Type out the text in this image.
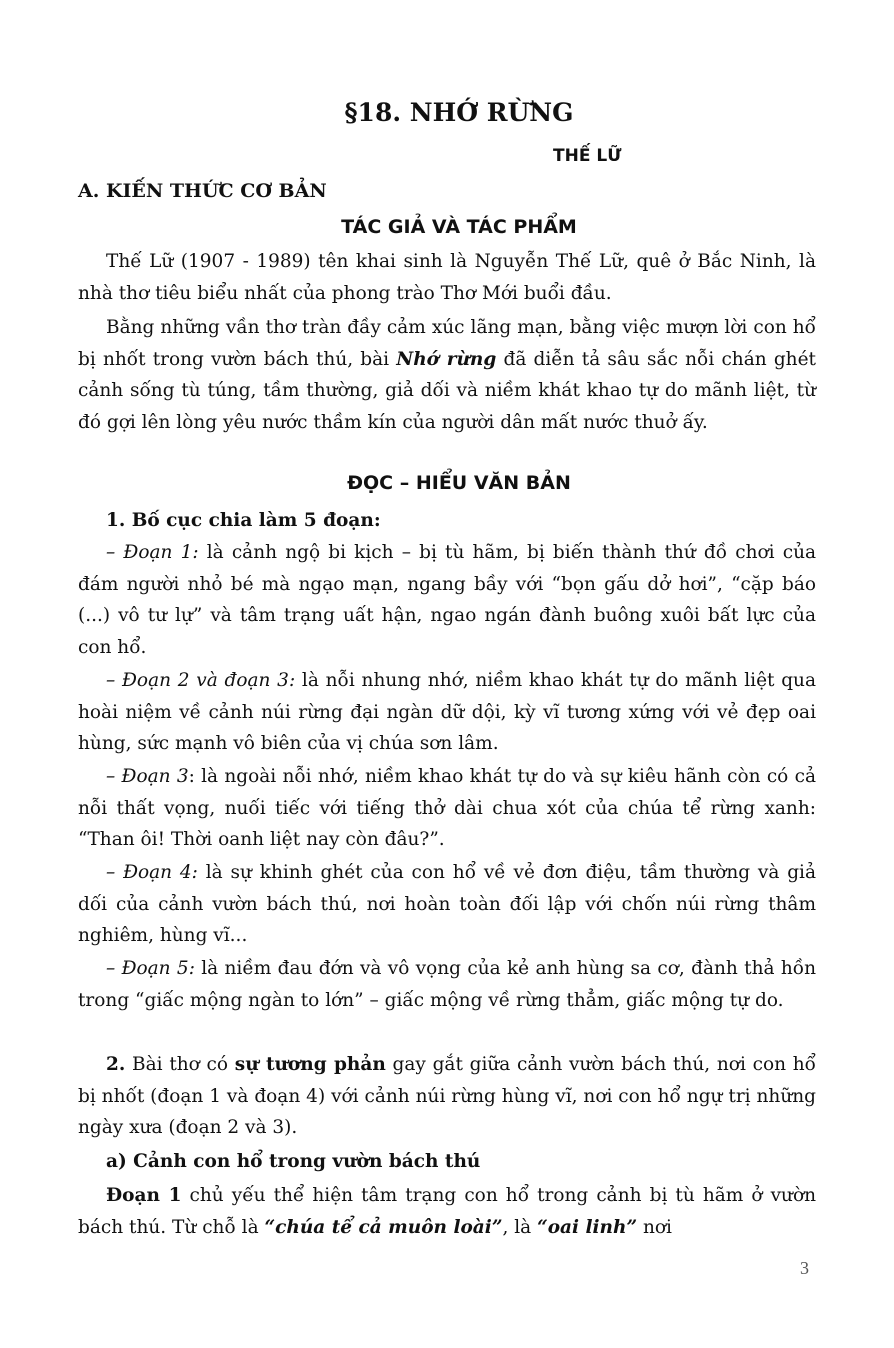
§18. NHỚ RỪNG
THẾ LỮ
A. KIẾN THỨC CƠ BẢN
TÁC GIẢ VÀ TÁC PHẨM

Thế Lữ (1907 - 1989) tên khai sinh là Nguyễn Thế Lữ, quê ở Bắc Ninh, là nhà thơ tiêu biểu nhất của phong trào Thơ Mới buổi đầu.

Bằng những vần thơ tràn đầy cảm xúc lãng mạn, bằng việc mượn lời con hổ bị nhốt trong vườn bách thú, bài Nhớ rừng đã diễn tả sâu sắc nỗi chán ghét cảnh sống tù túng, tầm thường, giả dối và niềm khát khao tự do mãnh liệt, từ đó gợi lên lòng yêu nước thầm kín của người dân mất nước thuở ấy.

ĐỌC – HIỂU VĂN BẢN

1. Bố cục chia làm 5 đoạn:

– Đoạn 1: là cảnh ngộ bi kịch – bị tù hãm, bị biến thành thứ đồ chơi của đám người nhỏ bé mà ngạo mạn, ngang bầy với “bọn gấu dở hơi”, “cặp báo (...) vô tư lự” và tâm trạng uất hận, ngao ngán đành buông xuôi bất lực của con hổ.

– Đoạn 2 và đoạn 3: là nỗi nhung nhớ, niềm khao khát tự do mãnh liệt qua hoài niệm về cảnh núi rừng đại ngàn dữ dội, kỳ vĩ tương xứng với vẻ đẹp oai hùng, sức mạnh vô biên của vị chúa sơn lâm.

– Đoạn 3: là ngoài nỗi nhớ, niềm khao khát tự do và sự kiêu hãnh còn có cả nỗi thất vọng, nuối tiếc với tiếng thở dài chua xót của chúa tể rừng xanh: “Than ôi! Thời oanh liệt nay còn đâu?”.

– Đoạn 4: là sự khinh ghét của con hổ về vẻ đơn điệu, tầm thường và giả dối của cảnh vườn bách thú, nơi hoàn toàn đối lập với chốn núi rừng thâm nghiêm, hùng vĩ...

– Đoạn 5: là niềm đau đớn và vô vọng của kẻ anh hùng sa cơ, đành thả hồn trong “giấc mộng ngàn to lớn” – giấc mộng về rừng thẳm, giấc mộng tự do.

2. Bài thơ có sự tương phản gay gắt giữa cảnh vườn bách thú, nơi con hổ bị nhốt (đoạn 1 và đoạn 4) với cảnh núi rừng hùng vĩ, nơi con hổ ngự trị những ngày xưa (đoạn 2 và 3).

a) Cảnh con hổ trong vườn bách thú

Đoạn 1 chủ yếu thể hiện tâm trạng con hổ trong cảnh bị tù hãm ở vườn bách thú. Từ chỗ là “chúa tể cả muôn loài”, là “oai linh” nơi

3
